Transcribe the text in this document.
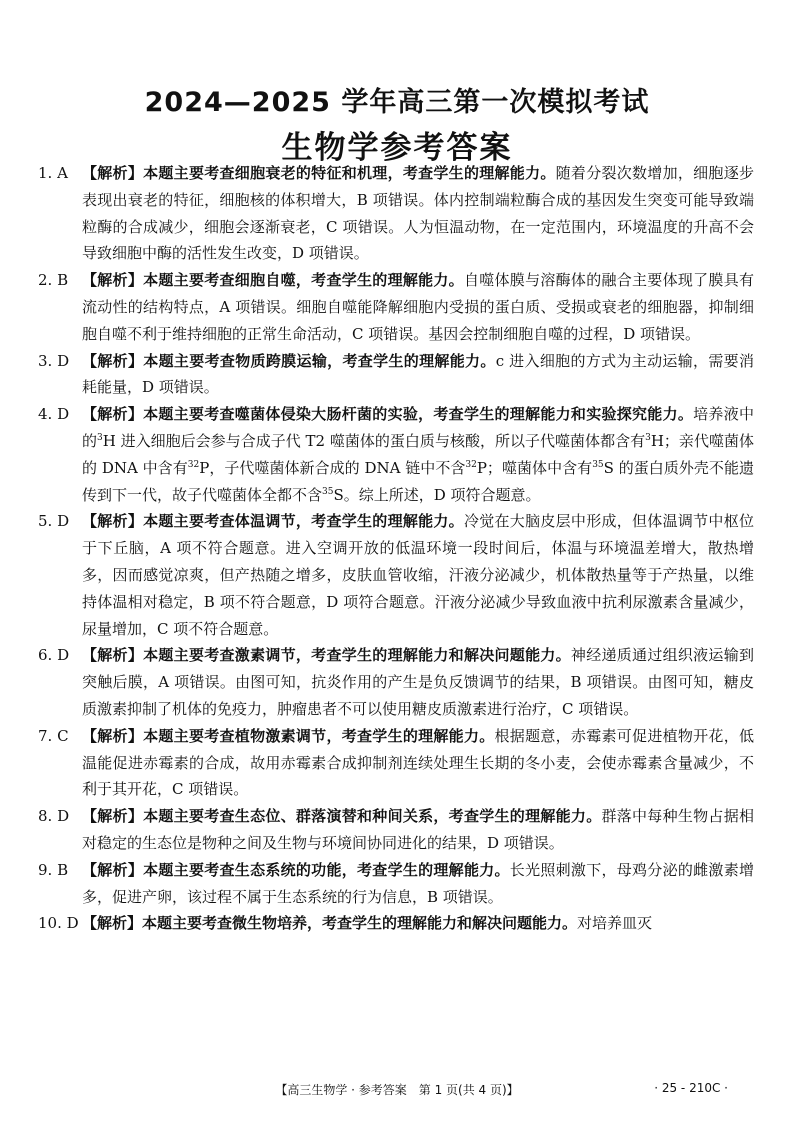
2024—2025 学年高三第一次模拟考试
生物学参考答案
1. A 【解析】本题主要考查细胞衰老的特征和机理，考查学生的理解能力。随着分裂次数增加，细胞逐步表现出衰老的特征，细胞核的体积增大，B 项错误。体内控制端粒酶合成的基因发生突变可能导致端粒酶的合成减少，细胞会逐渐衰老，C 项错误。人为恒温动物，在一定范围内，环境温度的升高不会导致细胞中酶的活性发生改变，D 项错误。
2. B 【解析】本题主要考查细胞自噬，考查学生的理解能力。自噬体膜与溶酶体的融合主要体现了膜具有流动性的结构特点，A 项错误。细胞自噬能降解细胞内受损的蛋白质、受损或衰老的细胞器，抑制细胞自噬不利于维持细胞的正常生命活动，C 项错误。基因会控制细胞自噬的过程，D 项错误。
3. D 【解析】本题主要考查物质跨膜运输，考查学生的理解能力。c 进入细胞的方式为主动运输，需要消耗能量，D 项错误。
4. D 【解析】本题主要考查噬菌体侵染大肠杆菌的实验，考查学生的理解能力和实验探究能力。培养液中的$^3$H 进入细胞后会参与合成子代 T2 噬菌体的蛋白质与核酸，所以子代噬菌体都含有$^3$H；亲代噬菌体的 DNA 中含有$^{32}$P，子代噬菌体新合成的 DNA 链中不含$^{32}$P；噬菌体中含有$^{35}$S 的蛋白质外壳不能遗传到下一代，故子代噬菌体全都不含$^{35}$S。综上所述，D 项符合题意。
5. D 【解析】本题主要考查体温调节，考查学生的理解能力。冷觉在大脑皮层中形成，但体温调节中枢位于下丘脑，A 项不符合题意。进入空调开放的低温环境一段时间后，体温与环境温差增大，散热增多，因而感觉凉爽，但产热随之增多，皮肤血管收缩，汗液分泌减少，机体散热量等于产热量，以维持体温相对稳定，B 项不符合题意，D 项符合题意。汗液分泌减少导致血液中抗利尿激素含量减少，尿量增加，C 项不符合题意。
6. D 【解析】本题主要考查激素调节，考查学生的理解能力和解决问题能力。神经递质通过组织液运输到突触后膜，A 项错误。由图可知，抗炎作用的产生是负反馈调节的结果，B 项错误。由图可知，糖皮质激素抑制了机体的免疫力，肿瘤患者不可以使用糖皮质激素进行治疗，C 项错误。
7. C 【解析】本题主要考查植物激素调节，考查学生的理解能力。根据题意，赤霉素可促进植物开花，低温能促进赤霉素的合成，故用赤霉素合成抑制剂连续处理生长期的冬小麦，会使赤霉素含量减少，不利于其开花，C 项错误。
8. D 【解析】本题主要考查生态位、群落演替和种间关系，考查学生的理解能力。群落中每种生物占据相对稳定的生态位是物种之间及生物与环境间协同进化的结果，D 项错误。
9. B 【解析】本题主要考查生态系统的功能，考查学生的理解能力。长光照刺激下，母鸡分泌的雌激素增多，促进产卵，该过程不属于生态系统的行为信息，B 项错误。
10. D 【解析】本题主要考查微生物培养，考查学生的理解能力和解决问题能力。对培养皿灭
【高三生物学 · 参考答案　第 1 页(共 4 页)】	· 25 - 210C ·
